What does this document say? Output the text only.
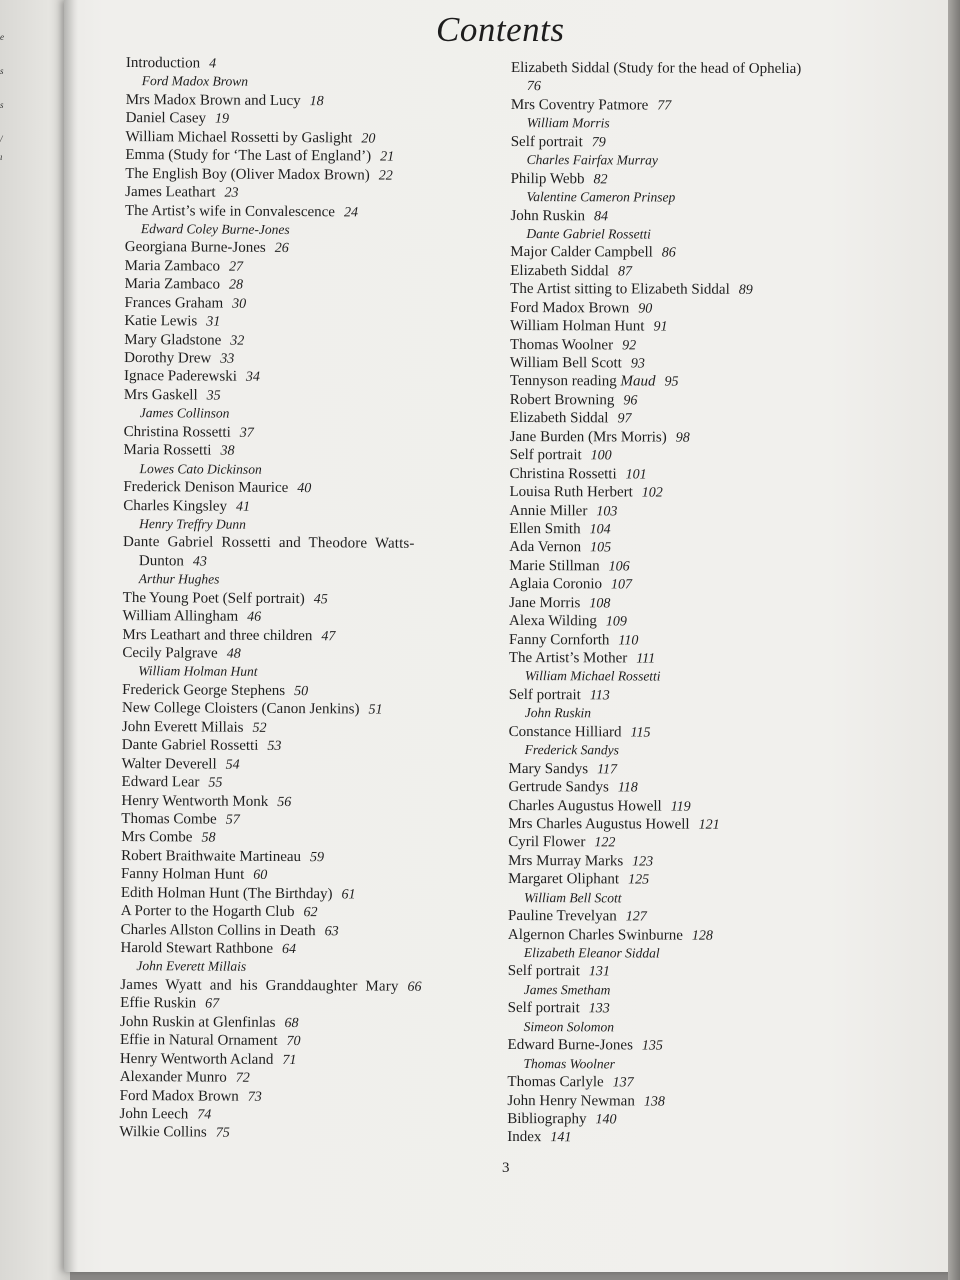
e
s
s
/
ı
Contents
Introduction 4
Ford Madox Brown
Mrs Madox Brown and Lucy 18
Daniel Casey 19
William Michael Rossetti by Gaslight 20
Emma (Study for ‘The Last of England’) 21
The English Boy (Oliver Madox Brown) 22
James Leathart 23
The Artist’s wife in Convalescence 24
Edward Coley Burne-Jones
Georgiana Burne-Jones 26
Maria Zambaco 27
Maria Zambaco 28
Frances Graham 30
Katie Lewis 31
Mary Gladstone 32
Dorothy Drew 33
Ignace Paderewski 34
Mrs Gaskell 35
James Collinson
Christina Rossetti 37
Maria Rossetti 38
Lowes Cato Dickinson
Frederick Denison Maurice 40
Charles Kingsley 41
Henry Treffry Dunn
Dante Gabriel Rossetti and Theodore Watts-
Dunton 43
Arthur Hughes
The Young Poet (Self portrait) 45
William Allingham 46
Mrs Leathart and three children 47
Cecily Palgrave 48
William Holman Hunt
Frederick George Stephens 50
New College Cloisters (Canon Jenkins) 51
John Everett Millais 52
Dante Gabriel Rossetti 53
Walter Deverell 54
Edward Lear 55
Henry Wentworth Monk 56
Thomas Combe 57
Mrs Combe 58
Robert Braithwaite Martineau 59
Fanny Holman Hunt 60
Edith Holman Hunt (The Birthday) 61
A Porter to the Hogarth Club 62
Charles Allston Collins in Death 63
Harold Stewart Rathbone 64
John Everett Millais
James Wyatt and his Granddaughter Mary 66
Effie Ruskin 67
John Ruskin at Glenfinlas 68
Effie in Natural Ornament 70
Henry Wentworth Acland 71
Alexander Munro 72
Ford Madox Brown 73
John Leech 74
Wilkie Collins 75
Elizabeth Siddal (Study for the head of Ophelia)
76
Mrs Coventry Patmore 77
William Morris
Self portrait 79
Charles Fairfax Murray
Philip Webb 82
Valentine Cameron Prinsep
John Ruskin 84
Dante Gabriel Rossetti
Major Calder Campbell 86
Elizabeth Siddal 87
The Artist sitting to Elizabeth Siddal 89
Ford Madox Brown 90
William Holman Hunt 91
Thomas Woolner 92
William Bell Scott 93
Tennyson reading Maud 95
Robert Browning 96
Elizabeth Siddal 97
Jane Burden (Mrs Morris) 98
Self portrait 100
Christina Rossetti 101
Louisa Ruth Herbert 102
Annie Miller 103
Ellen Smith 104
Ada Vernon 105
Marie Stillman 106
Aglaia Coronio 107
Jane Morris 108
Alexa Wilding 109
Fanny Cornforth 110
The Artist’s Mother 111
William Michael Rossetti
Self portrait 113
John Ruskin
Constance Hilliard 115
Frederick Sandys
Mary Sandys 117
Gertrude Sandys 118
Charles Augustus Howell 119
Mrs Charles Augustus Howell 121
Cyril Flower 122
Mrs Murray Marks 123
Margaret Oliphant 125
William Bell Scott
Pauline Trevelyan 127
Algernon Charles Swinburne 128
Elizabeth Eleanor Siddal
Self portrait 131
James Smetham
Self portrait 133
Simeon Solomon
Edward Burne-Jones 135
Thomas Woolner
Thomas Carlyle 137
John Henry Newman 138
Bibliography 140
Index 141
3
